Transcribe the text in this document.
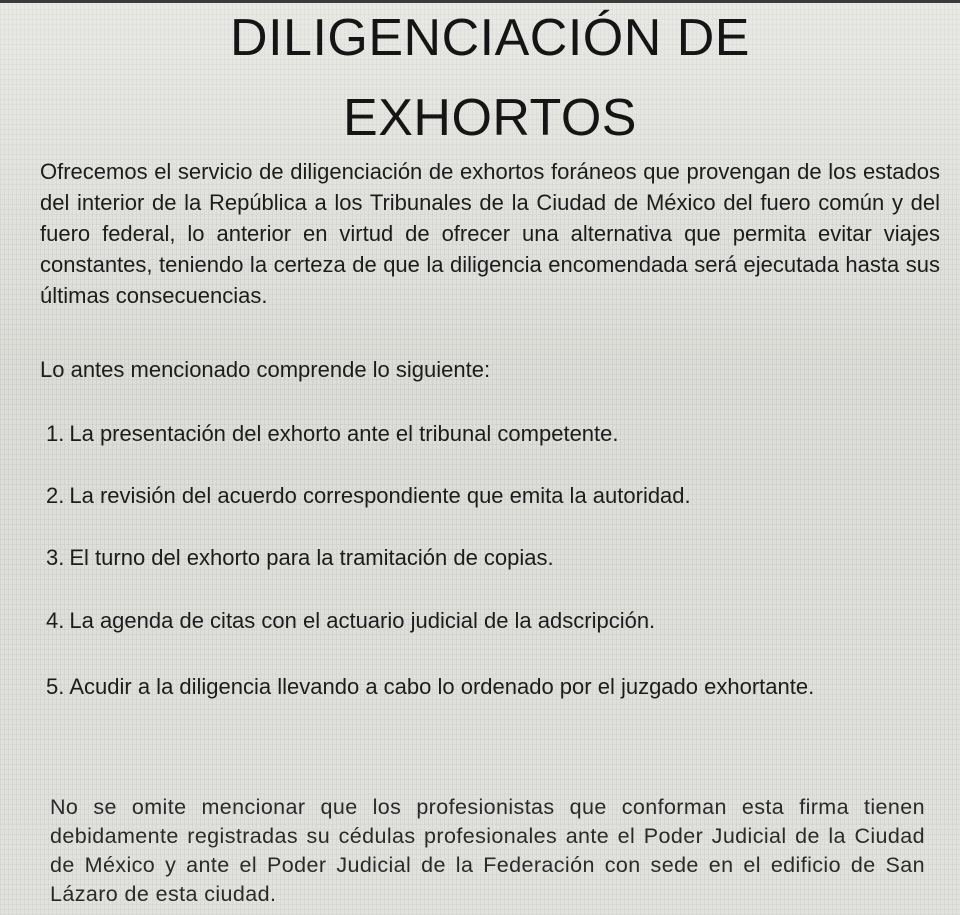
DILIGENCIACIÓN DE
EXHORTOS

Ofrecemos el servicio de diligenciación de exhortos foráneos que provengan de los estados del interior de la República a los Tribunales de la Ciudad de México del fuero común y del fuero federal, lo anterior en virtud de ofrecer una alternativa que permita evitar viajes constantes, teniendo la certeza de que la diligencia encomendada será ejecutada hasta sus últimas consecuencias.

Lo antes mencionado comprende lo siguiente:

1. La presentación del exhorto ante el tribunal competente.
2. La revisión del acuerdo correspondiente que emita la autoridad.
3. El turno del exhorto para la tramitación de copias.
4. La agenda de citas con el actuario judicial de la adscripción.
5. Acudir a la diligencia llevando a cabo lo ordenado por el juzgado exhortante.

No se omite mencionar que los profesionistas que conforman esta firma tienen debidamente registradas su cédulas profesionales ante el Poder Judicial de la Ciudad de México y ante el Poder Judicial de la Federación con sede en el edificio de San Lázaro de esta ciudad.
